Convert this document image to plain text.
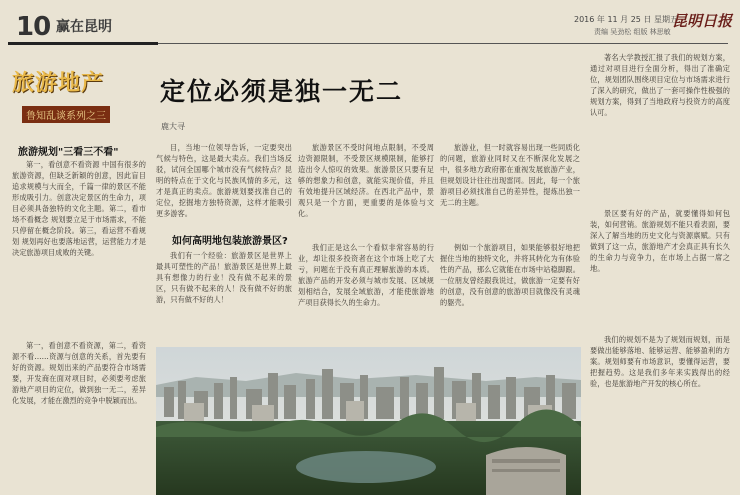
10 赢在昆明	2016 年 11 月 25 日 星期五
昆明日报
责编 吴劲松 组版 林思敏
旅游地产
鲁知乱谈系列之三
定位必须是独一无二
鹿大寻
旅游规划"三看三不看"

第一，看创意不看资源 中国有很多的旅游资源，但缺乏新颖的创意，因此盲目追求规模与大而全，千篇一律的景区不能形成吸引力。创意决定景区的生命力，项目必须具备独特的文化主题。第二，看市场不看概念 规划要立足于市场需求，不能只停留在概念阶段。第三，看运营不看规划 规划再好也要落地运营，运营能力才是决定旅游项目成败的关键。

第一，看创意不看资源，第二，看资源不看……资源与创意的关系，首先要有好的资源。规划出来的产品要符合市场需要，开发商在面对项目时，必须要考虑旅游地产项目的定位，做到独一无二，差异化发展，才能在激烈的竞争中脱颖而出。

目，当地一位领导告诉，一定要突出气候与特色，这是最大卖点。我们当场反驳，试问全国哪个城市没有气候特点？昆明的特点在于文化与民族风情的多元，这才是真正的卖点。旅游规划要找准自己的定位，挖掘地方独特资源，这样才能吸引更多游客。

如何高明地包装旅游景区?

我们有一个经验：旅游景区是世界上最具可塑性的产品！旅游景区是世界上最具有想像力的行业！没有做不起来的景区，只有做不起来的人！没有做不好的旅游，只有做不好的人！

旅游景区不受时间地点限制，不受周边资源限制，不受景区规模限制，能够打造出令人惊叹的效果。旅游景区只要有足够的想象力和创意，就能实现价值，并且有效地提升区域经济。在西北产品中，景观只是一个方面，更重要的是体验与文化。

我们正是这么一个看似非常容易的行业，却让很多投资者在这个市场上吃了大亏，问题在于没有真正理解旅游的本质。旅游产品的开发必须与城市发展、区域规划相结合，发展全域旅游，才能使旅游地产项目获得长久的生命力。

旅游业，但一时就容易出现一些同质化的问题，旅游业同时又在不断深化发展之中，很多地方政府都在重视发展旅游产业，但规划设计往往出现雷同。因此，每一个旅游项目必须找准自己的差异性，提炼出独一无二的主题。

例如一个旅游项目，如果能够很好地把握住当地的独特文化，并将其转化为有体验性的产品，那么它就能在市场中站稳脚跟。一位朋友曾经跟我说过，做旅游一定要有好的创意，没有创意的旅游项目就像没有灵魂的躯壳。

著名大学教授汇报了我们的规划方案，通过对项目进行全面分析，得出了准确定位，规划团队围绕项目定位与市场需求进行了深入的研究，做出了一套可操作性极强的规划方案，得到了当地政府与投资方的高度认可。

景区要有好的产品，就要懂得如何包装，如何营销。旅游规划不能只看表面，要深入了解当地的历史文化与资源禀赋。只有做到了这一点，旅游地产才会真正具有长久的生命力与竞争力，在市场上占据一席之地。

我们的规划不是为了规划而规划，而是要做出能够落地、能够运营、能够盈利的方案。规划师要有市场意识，要懂得运营，要把握趋势。这是我们多年来实践得出的经验，也是旅游地产开发的核心所在。
